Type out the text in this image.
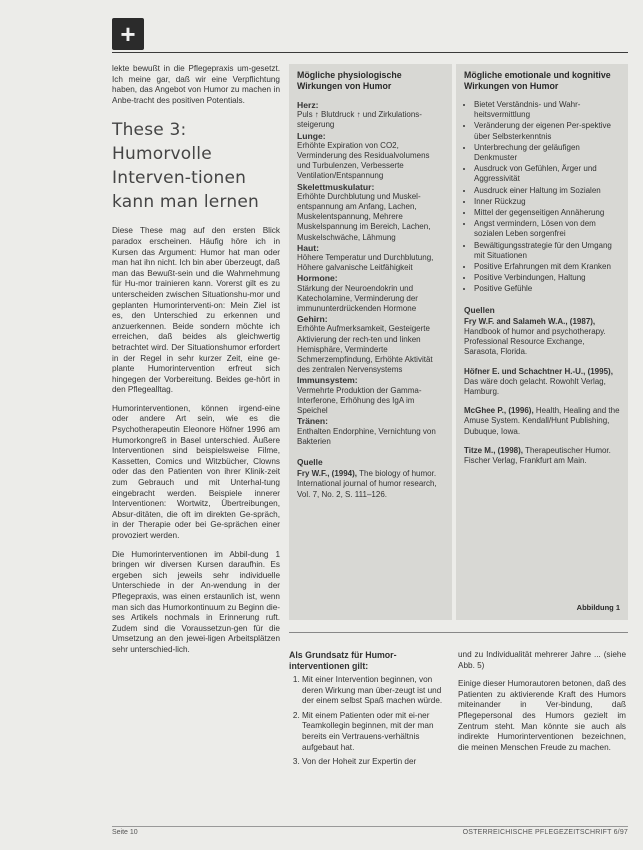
+

lekte bewußt in die Pflegepraxis um-gesetzt. Ich meine gar, daß wir eine Verpflichtung haben, das Angebot von Humor zu machen in Anbe-tracht des positiven Potentials.

These 3: Humorvolle Interven-tionen kann man lernen

Diese These mag auf den ersten Blick paradox erscheinen. Häufig höre ich in Kursen das Argument: Humor hat man oder man hat ihn nicht. Ich bin aber überzeugt, daß man das Bewußt-sein und die Wahrnehmung für Hu-mor trainieren kann. Vorerst gilt es zu unterscheiden zwischen Situationshu-mor und geplanten Humorinterventi-on: Mein Ziel ist es, den Unterschied zu erkennen und anzuerkennen. Beide sondern möchte ich erreichen, daß beides als gleichwertig betrachtet wird. Der Situationshumor erfordert in der Regel in sehr kurzer Zeit, eine ge-plante Humorintervention erfreut sich hingegen der Vorbereitung. Beides ge-hört in den Pflegealltag.

Humorinterventionen, können irgend-eine oder andere Art sein, wie es die Psychotherapeutin Eleonore Höfner 1996 am Humorkongreß in Basel unterschied. Äußere Interventionen sind beispielsweise Filme, Kassetten, Comics und Witzbücher, Clowns oder das den Patienten von ihrer Klinik-zeit zum Gebrauch und mit Unterhal-tung eingebracht werden. Beispiele innerer Interventionen: Wortwitz, Übertreibungen, Absur-ditäten, die oft im direkten Ge-spräch, in der Therapie oder bei Ge-sprächen einer provoziert werden.

Die Humorinterventionen im Abbil-dung 1 bringen wir diversen Kursen daraufhin. Es ergeben sich jeweils sehr individuelle Unterschiede in der An-wendung in der Pflegepraxis, was einen erstaunlich ist, wenn man sich das Humorkontinuum zu Beginn die-ses Artikels nochmals in Erinnerung ruft. Zudem sind die Voraussetzun-gen für die Umsetzung an den jewei-ligen Arbeitsplätzen sehr unterschied-lich.

Mögliche physiologische Wirkungen von Humor
Herz:
Puls ↑ Blutdruck ↑ und Zirkulations-steigerung
Lunge:
Erhöhte Expiration von CO2, Verminderung des Residualvolumens und Turbulenzen, Verbesserte Ventilation/Entspannung
Skelettmuskulatur:
Erhöhte Durchblutung und Muskel-entspannung am Anfang, Lachen, Muskelentspannung, Mehrere Muskelspannung im Bereich, Lachen, Muskelschwäche, Lähmung
Haut:
Höhere Temperatur und Durchblutung, Höhere galvanische Leitfähigkeit
Hormone:
Stärkung der Neuroendokrin und Katecholamine, Verminderung der immununterdrückenden Hormone
Gehirn:
Erhöhte Aufmerksamkeit, Gesteigerte Aktivierung der rech-ten und linken Hemisphäre, Verminderte Schmerzempfindung, Erhöhte Aktivität des zentralen Nervensystems
Immunsystem:
Vermehrte Produktion der Gamma-Interferone, Erhöhung des IgA im Speichel
Tränen:
Enthalten Endorphine, Vernichtung von Bakterien
Quelle
Fry W.F., (1994), The biology of humor. International journal of humor research, Vol. 7, No. 2, S. 111–126.
Mögliche emotionale und kognitive Wirkungen von Humor
• Bietet Verständnis- und Wahr-heitsvermittlung
• Veränderung der eigenen Per-spektive über Selbsterkenntnis
• Unterbrechung der geläufigen Denkmuster
• Ausdruck von Gefühlen, Ärger und Aggressivität
• Ausdruck einer Haltung im Sozialen
• Inner Rückzug
• Mittel der gegenseitigen Annäherung
• Angst vermindern, Lösen von dem sozialen Leben sorgenfrei
• Bewältigungsstrategie für den Umgang mit Situationen
• Positive Erfahrungen mit dem Kranken
• Positive Verbindungen, Haltung
• Positive Gefühle
Quellen
Fry W.F. and Salameh W.A., (1987), Handbook of humor and psychotherapy. Professional Resource Exchange, Sarasota, Florida.
Höfner E. und Schachtner H.-U., (1995), Das wäre doch gelacht. Rowohlt Verlag, Hamburg.
McGhee P., (1996), Health, Healing and the Amuse System. Kendall/Hunt Publishing, Dubuque, Iowa.
Titze M., (1998), Therapeutischer Humor. Fischer Verlag, Frankfurt am Main.
Abbildung 1
Als Grundsatz für Humor-interventionen gilt:
1. Mit einer Intervention beginnen, von deren Wirkung man über-zeugt ist und der einem selbst Spaß machen würde.
2. Mit einem Patienten oder mit ei-ner Teamkollegin beginnen, mit der man bereits ein Vertrauens-verhältnis aufgebaut hat.
3. Von der Hoheit zur Expertin der

und zu Individualität mehrerer Jahre ... (siehe Abb. 5)

Einige dieser Humorautoren betonen, daß des Patienten zu aktivierende Kraft des Humors miteinander in Ver-bindung, daß Pflegepersonal des Humors gezielt im Zentrum steht. Man könnte sie auch als indirekte Humorinterventionen bezeichnen, die meinen Menschen Freude zu machen.

Seite 10	OSTERREICHISCHE PFLEGEZEITSCHRIFT 6/97
